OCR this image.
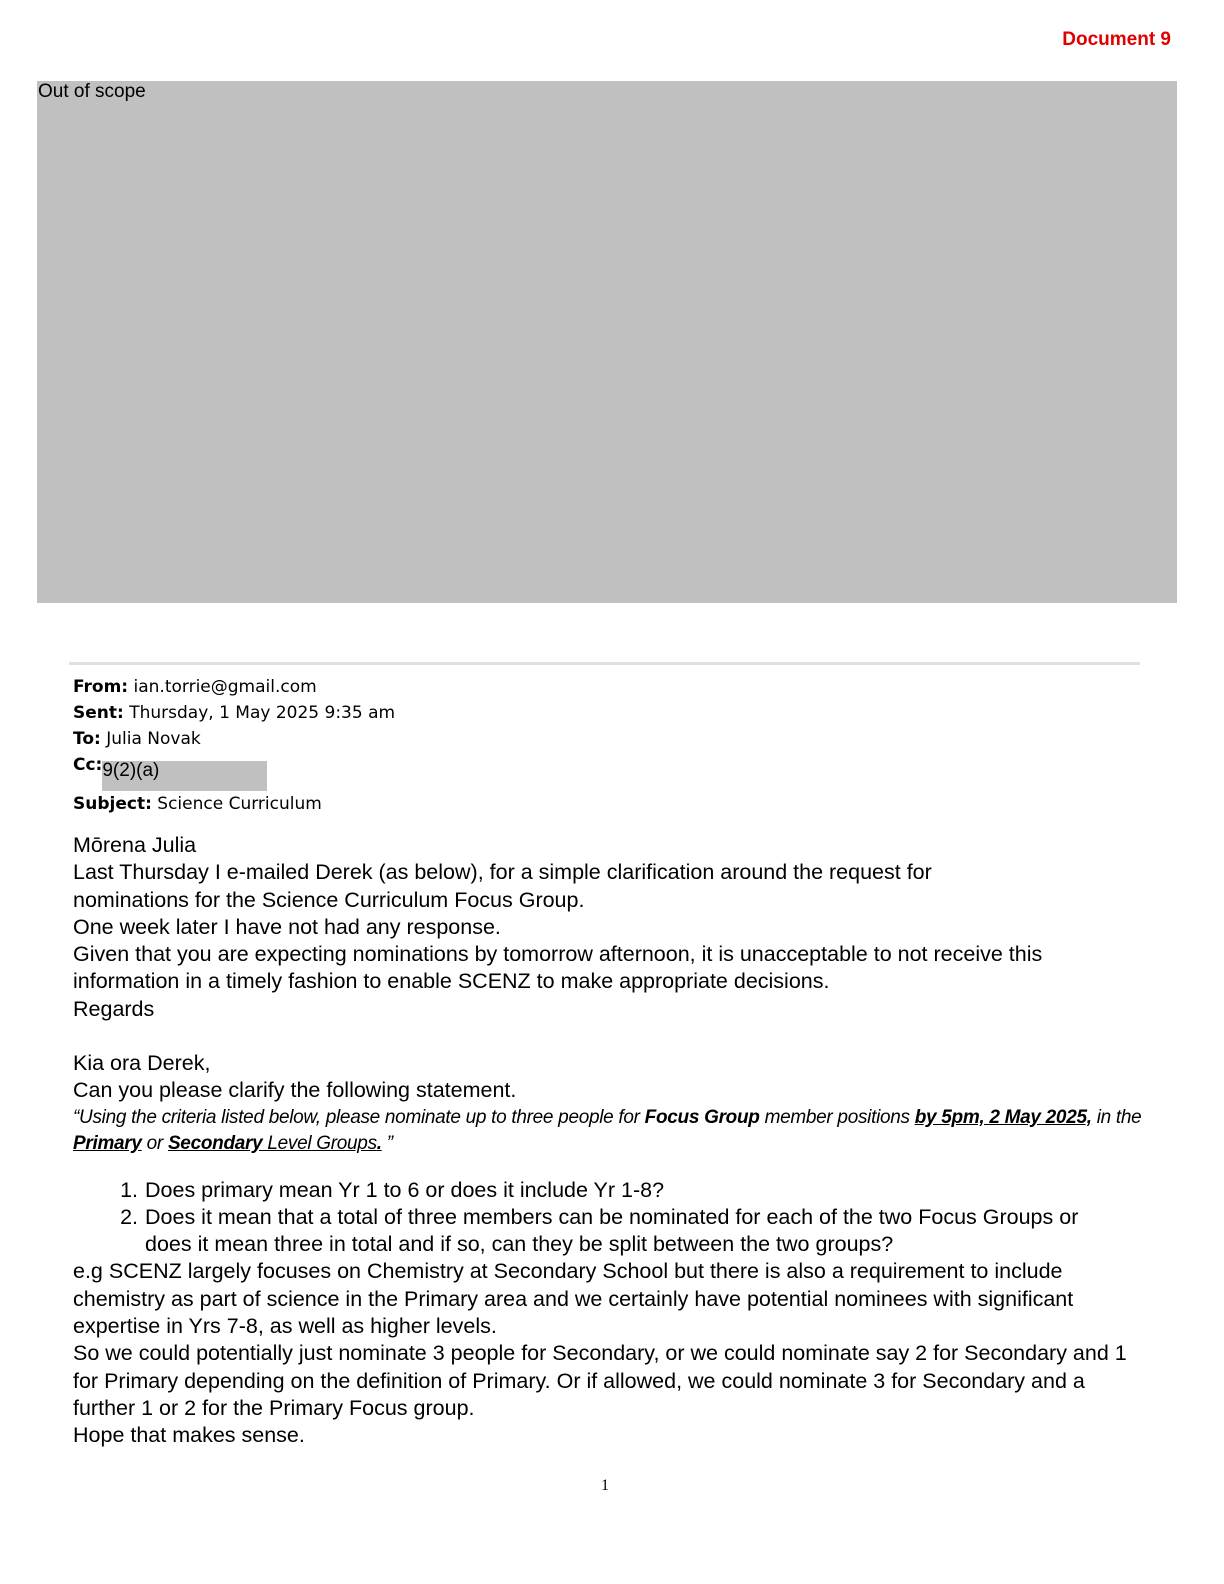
Document 9
Out of scope
From: ian.torrie@gmail.com
Sent: Thursday, 1 May 2025 9:35 am
To: Julia Novak
Cc:9(2)(a)
Subject: Science Curriculum
Mōrena Julia
Last Thursday I e-mailed Derek (as below), for a simple clarification around the request for nominations for the Science Curriculum Focus Group.
One week later I have not had any response.
Given that you are expecting nominations by tomorrow afternoon, it is unacceptable to not receive this information in a timely fashion to enable SCENZ to make appropriate decisions.
Regards
Kia ora Derek,
Can you please clarify the following statement.
“Using the criteria listed below, please nominate up to three people for Focus Group member positions by 5pm, 2 May 2025, in the Primary or Secondary Level Groups. ”
1. Does primary mean Yr 1 to 6 or does it include Yr 1-8?
2. Does it mean that a total of three members can be nominated for each of the two Focus Groups or does it mean three in total and if so, can they be split between the two groups?
e.g SCENZ largely focuses on Chemistry at Secondary School but there is also a requirement to include chemistry as part of science in the Primary area and we certainly have potential nominees with significant expertise in Yrs 7-8, as well as higher levels.
So we could potentially just nominate 3 people for Secondary, or we could nominate say 2 for Secondary and 1 for Primary depending on the definition of Primary. Or if allowed, we could nominate 3 for Secondary and a further 1 or 2 for the Primary Focus group.
Hope that makes sense.
1
